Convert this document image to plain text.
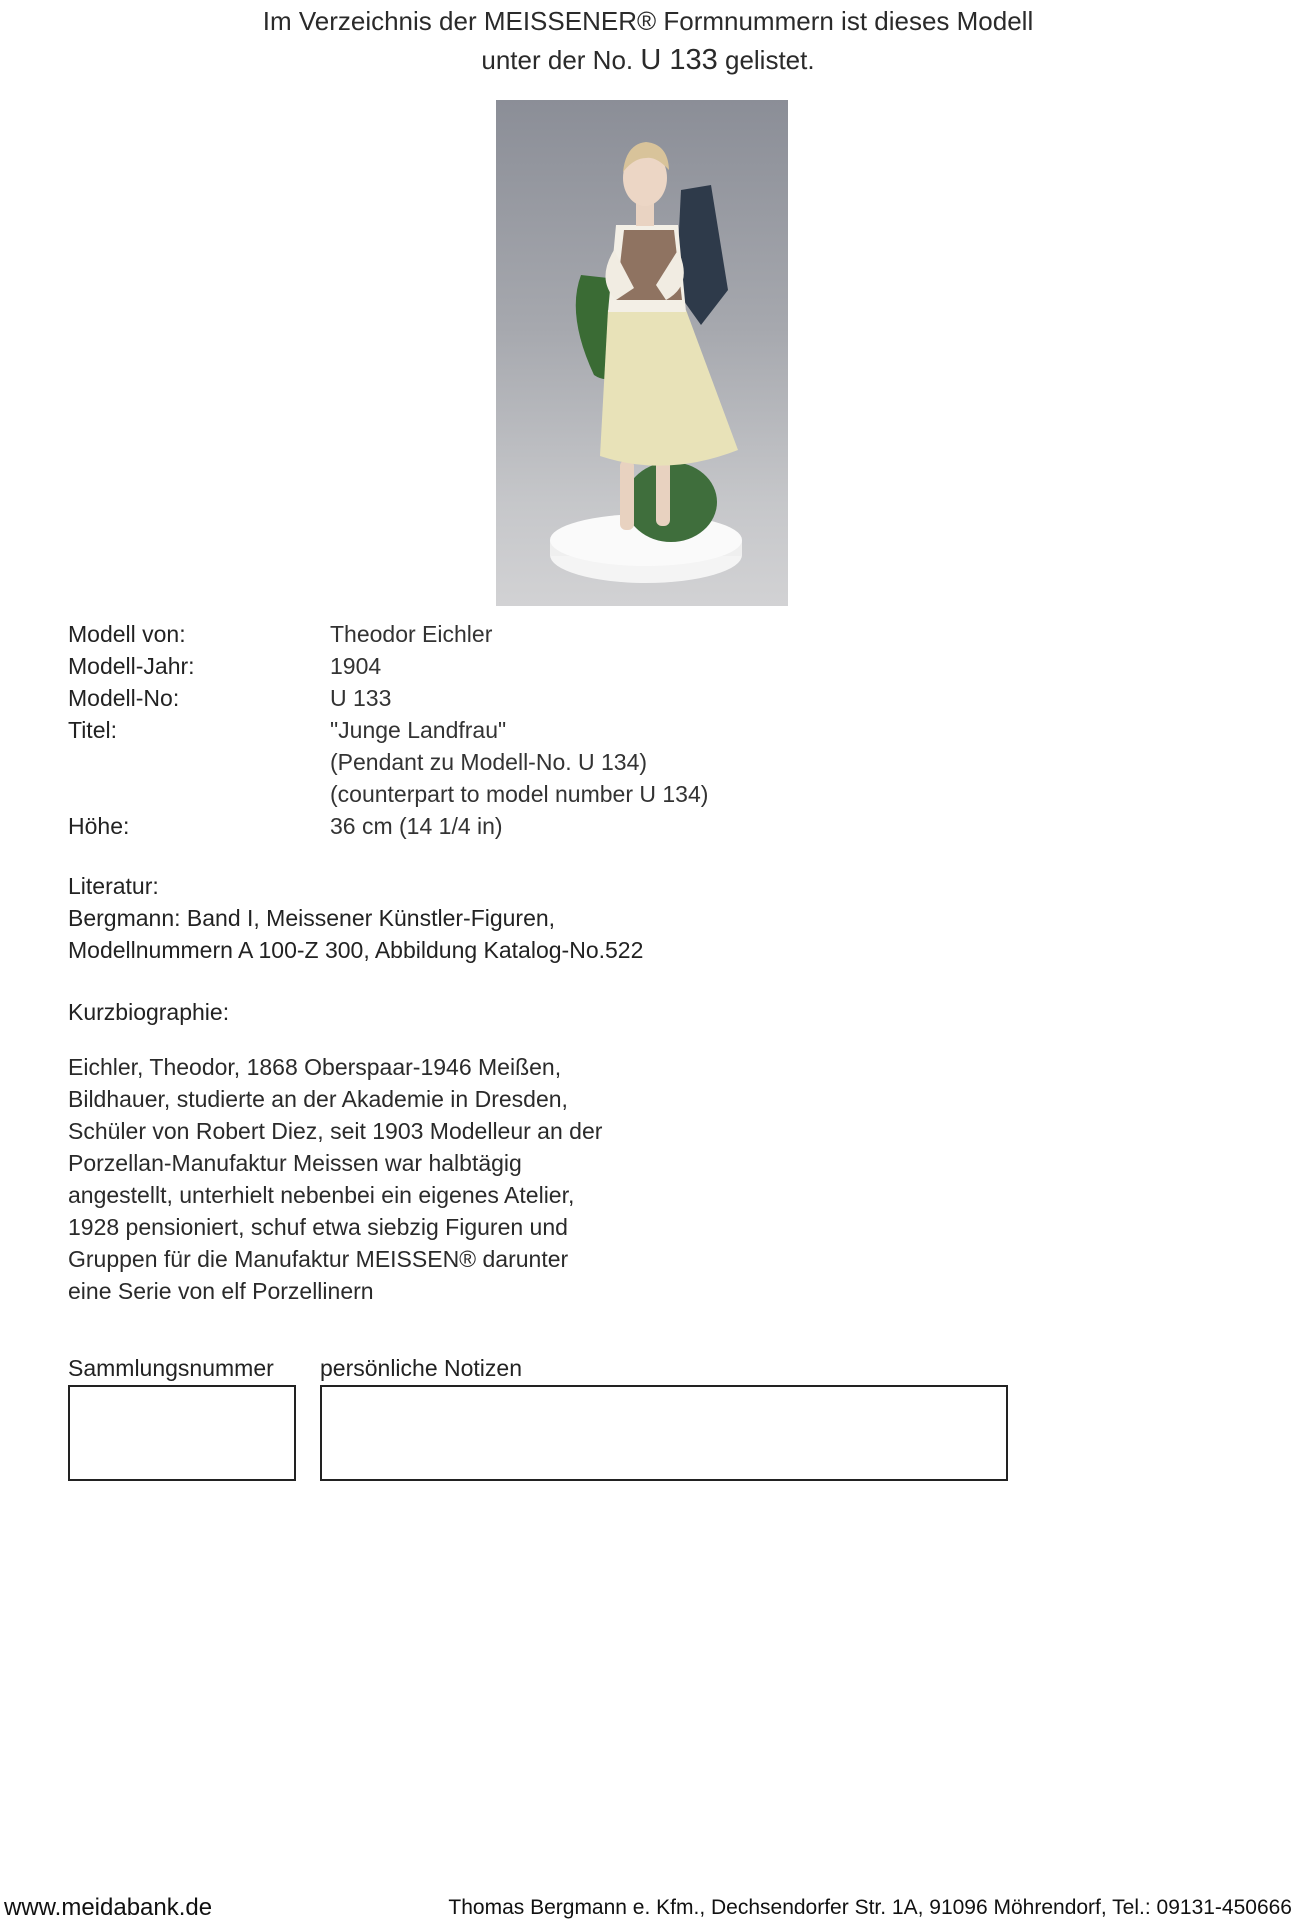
Im Verzeichnis der MEISSENER® Formnummern ist dieses Modell
unter der No. U 133 gelistet.
Modell von:	Theodor Eichler
Modell-Jahr:	1904
Modell-No:	U 133
Titel:	"Junge Landfrau"
(Pendant zu Modell-No. U 134)
(counterpart to model number U 134)
Höhe:	36 cm (14 1/4 in)
Literatur:
Bergmann: Band I, Meissener Künstler-Figuren,
Modellnummern A 100-Z 300, Abbildung Katalog-No.522
Kurzbiographie:
Eichler, Theodor, 1868 Oberspaar-1946 Meißen,
Bildhauer, studierte an der Akademie in Dresden,
Schüler von Robert Diez, seit 1903 Modelleur an der
Porzellan-Manufaktur Meissen war halbtägig
angestellt, unterhielt nebenbei ein eigenes Atelier,
1928 pensioniert, schuf etwa siebzig Figuren und
Gruppen für die Manufaktur MEISSEN® darunter
eine Serie von elf Porzellinern
Sammlungsnummer persönliche Notizen
www.meidabank.de	Thomas Bergmann e. Kfm., Dechsendorfer Str. 1A, 91096 Möhrendorf, Tel.: 09131-450666
